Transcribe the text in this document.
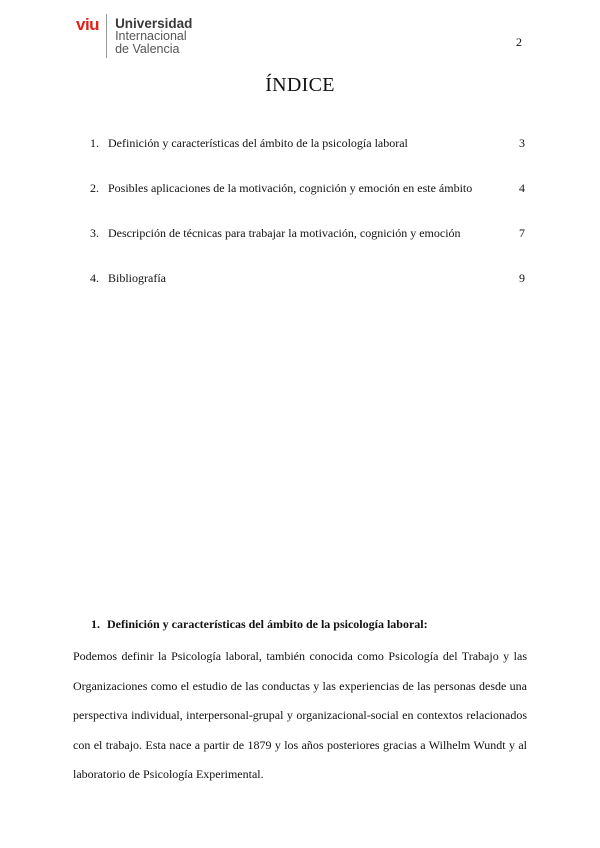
viu Universidad
Internacional
de Valencia	2
ÍNDICE
1. Definición y características del ámbito de la psicología laboral	3
2. Posibles aplicaciones de la motivación, cognición y emoción en este ámbito	4
3. Descripción de técnicas para trabajar la motivación, cognición y emoción	7
4. Bibliografía	9
1. Definición y características del ámbito de la psicología laboral:

Podemos definir la Psicología laboral, también conocida como Psicología del Trabajo y las Organizaciones como el estudio de las conductas y las experiencias de las personas desde una perspectiva individual, interpersonal-grupal y organizacional-social en contextos relacionados con el trabajo. Esta nace a partir de 1879 y los años posteriores gracias a Wilhelm Wundt y al laboratorio de Psicología Experimental.
